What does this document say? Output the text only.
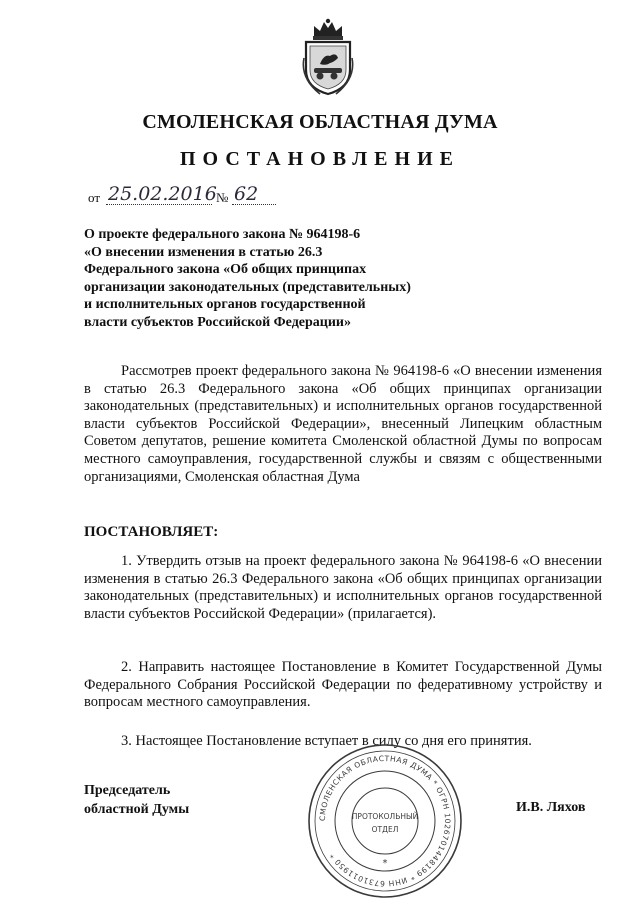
СМОЛЕНСКАЯ ОБЛАСТНАЯ ДУМА
ПОСТАНОВЛЕНИЕ
от 25.02.2016 № 62
О проекте федерального закона № 964198-6
«О внесении изменения в статью 26.3
Федерального закона «Об общих принципах
организации законодательных (представительных)
и исполнительных органов государственной
власти субъектов Российской Федерации»
Рассмотрев проект федерального закона № 964198-6 «О внесении изменения в статью 26.3 Федерального закона «Об общих принципах организации законодательных (представительных) и исполнительных органов государственной власти субъектов Российской Федерации», внесенный Липецким областным Советом депутатов, решение комитета Смоленской областной Думы по вопросам местного самоуправления, государственной службы и связям с общественными организациями, Смоленская областная Дума
ПОСТАНОВЛЯЕТ:
1. Утвердить отзыв на проект федерального закона № 964198-6 «О внесении изменения в статью 26.3 Федерального закона «Об общих принципах организации законодательных (представительных) и исполнительных органов государственной власти субъектов Российской Федерации» (прилагается).
2. Направить настоящее Постановление в Комитет Государственной Думы Федерального Собрания Российской Федерации по федеративному устройству и вопросам местного самоуправления.
3. Настоящее Постановление вступает в силу со дня его принятия.
Председатель
областной Думы	И.В. Ляхов
СМОЛЕНСКАЯ ОБЛАСТНАЯ ДУМА * ОГРН 1026701448199 * ИНН 6731011950 *
ПРОТОКОЛЬНЫЙ
ОТДЕЛ
*
